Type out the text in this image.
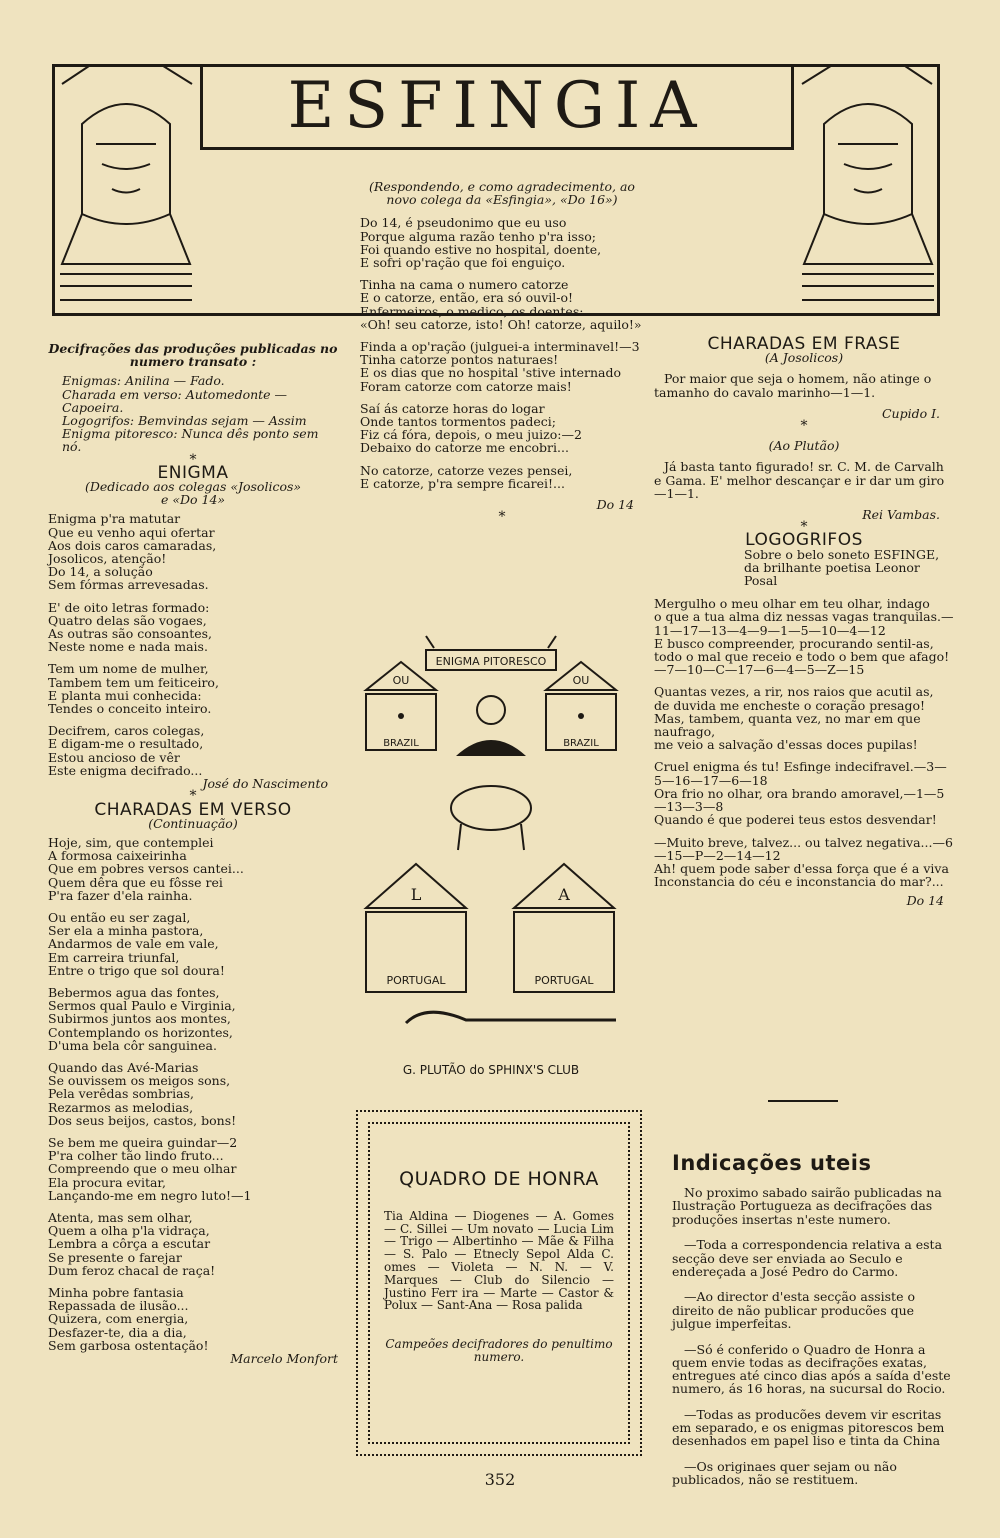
ESFINGIA

Decifrações das produções publicadas no numero transato :

Enigmas: Anilina — Fado.

Charada em verso: Automedonte — Capoeira.

Logogrifos: Bemvindas sejam — Assim

Enigma pitoresco: Nunca dês ponto sem nó.

*

ENIGMA

(Dedicado aos colegas «Josolicos»

e «Do 14»

Enigma p'ra matutar
Que eu venho aqui ofertar
Aos dois caros camaradas,
Josolicos, atenção!
Do 14, a solução
Sem fórmas arrevesadas.

E' de oito letras formado:
Quatro delas são vogaes,
As outras são consoantes,
Neste nome e nada mais.

Tem um nome de mulher,
Tambem tem um feiticeiro,
E planta mui conhecida:
Tendes o conceito inteiro.

Decifrem, caros colegas,
E digam-me o resultado,
Estou ancioso de vêr
Este enigma decifrado...

José do Nascimento

*

CHARADAS EM VERSO

(Continuação)

Hoje, sim, que contemplei
A formosa caixeirinha
Que em pobres versos cantei...
Quem dêra que eu fôsse rei
P'ra fazer d'ela rainha.

Ou então eu ser zagal,
Ser ela a minha pastora,
Andarmos de vale em vale,
Em carreira triunfal,
Entre o trigo que sol doura!

Bebermos agua das fontes,
Sermos qual Paulo e Virginia,
Subirmos juntos aos montes,
Contemplando os horizontes,
D'uma bela côr sanguinea.

Quando das Avé-Marias
Se ouvissem os meigos sons,
Pela verêdas sombrias,
Rezarmos as melodias,
Dos seus beijos, castos, bons!

Se bem me queira guindar—2
P'ra colher tão lindo fruto...
Compreendo que o meu olhar
Ela procura evitar,
Lançando-me em negro luto!—1

Atenta, mas sem olhar,
Quem a olha p'la vidraça,
Lembra a côrça a escutar
Se presente o farejar
Dum feroz chacal de raça!

Minha pobre fantasia
Repassada de ilusão...
Quizera, com energia,
Desfazer-te, dia a dia,
Sem garbosa ostentação!

Marcelo Monfort

(Respondendo, e como agradecimento, ao novo colega da «Esfingia», «Do 16»)

Do 14, é pseudonimo que eu uso
Porque alguma razão tenho p'ra isso;
Foi quando estive no hospital, doente,
E sofri op'ração que foi enguiço.

Tinha na cama o numero catorze
E o catorze, então, era só ouvil-o!
Enfermeiros, o medico, os doentes:
«Oh! seu catorze, isto! Oh! catorze, aquilo!»

Finda a op'ração (julguei-a interminavel!—3
Tinha catorze pontos naturaes!
E os dias que no hospital 'stive internado
Foram catorze com catorze mais!

Saí ás catorze horas do logar
Onde tantos tormentos padeci;
Fiz cá fóra, depois, o meu juizo:—2
Debaixo do catorze me encobri...

No catorze, catorze vezes pensei,
E catorze, p'ra sempre ficarei!...

Do 14

*

ENIGMA PITORESCO
OU
BRAZIL
OU
BRAZIL
L
PORTUGAL
A
PORTUGAL
G. PLUTÃO do SPHINX'S CLUB

QUADRO DE HONRA

Tia Aldina — Diogenes — A. Gomes — C. Sillei — Um novato — Lucia Lim — Trigo — Albertinho — Mãe & Filha — S. Palo — Etnecly Sepol Alda C. omes — Violeta — N. N. — V. Marques — Club do Silencio — Justino Ferr ira — Marte — Castor & Polux — Sant-Ana — Rosa palida

Campeões decifradores do penultimo numero.

CHARADAS EM FRASE

(A Josolicos)

Por maior que seja o homem, não atinge o tamanho do cavalo marinho—1—1.

Cupido I.

*

(Ao Plutão)

Já basta tanto figurado! sr. C. M. de Carvalh e Gama. E' melhor descançar e ir dar um giro—1—1.

Rei Vambas.

*

LOGOGRIFOS

Sobre o belo soneto ESFINGE, da brilhante poetisa Leonor Posal

Mergulho o meu olhar em teu olhar, indago
o que a tua alma diz nessas vagas tranquilas.—11—17—13—4—9—1—5—10—4—12
E busco compreender, procurando sentil-as,
todo o mal que receio e todo o bem que afago!—7—10—C—17—6—4—5—Z—15

Quantas vezes, a rir, nos raios que acutil as,
de duvida me encheste o coração presago!
Mas, tambem, quanta vez, no mar em que naufrago,
me veio a salvação d'essas doces pupilas!

Cruel enigma és tu! Esfinge indecifravel.—3—5—16—17—6—18
Ora frio no olhar, ora brando amoravel,—1—5—13—3—8
Quando é que poderei teus estos desvendar!

—Muito breve, talvez... ou talvez negativa...—6—15—P—2—14—12
Ah! quem pode saber d'essa força que é a viva
Inconstancia do céu e inconstancia do mar?...

Do 14

Indicações uteis

No proximo sabado sairão publicadas na Ilustração Portugueza as decifrações das produções insertas n'este numero.

—Toda a correspondencia relativa a esta secção deve ser enviada ao Seculo e endereçada a José Pedro do Carmo.

—Ao director d'esta secção assiste o direito de não publicar producões que julgue imperfeitas.

—Só é conferido o Quadro de Honra a quem envie todas as decifrações exatas, entregues até cinco dias após a saída d'este numero, ás 16 horas, na sucursal do Rocio.

—Todas as producões devem vir escritas em separado, e os enigmas pitorescos bem desenhados em papel liso e tinta da China

—Os originaes quer sejam ou não publicados, não se restituem.

352
